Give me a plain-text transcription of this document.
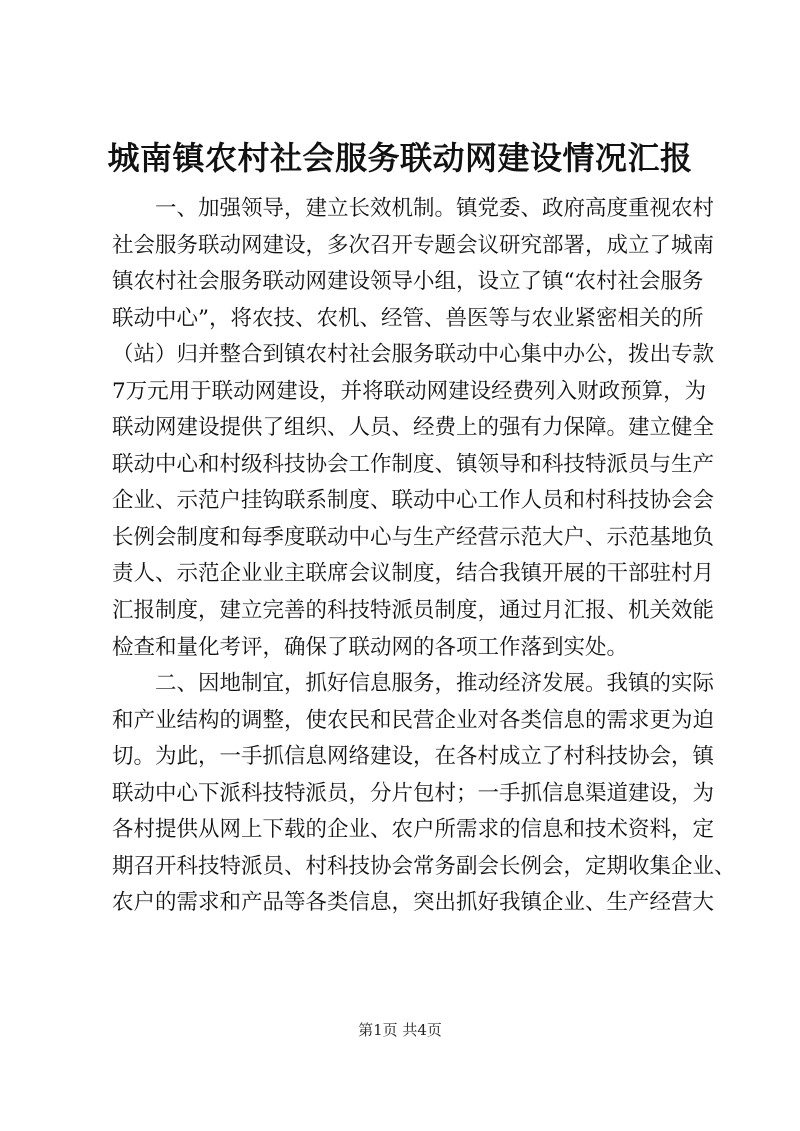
城南镇农村社会服务联动网建设情况汇报
一、加强领导，建立长效机制。镇党委、政府高度重视农村
社会服务联动网建设，多次召开专题会议研究部署，成立了城南
镇农村社会服务联动网建设领导小组，设立了镇“农村社会服务
联动中心”，将农技、农机、经管、兽医等与农业紧密相关的所
（站）归并整合到镇农村社会服务联动中心集中办公，拨出专款
7万元用于联动网建设，并将联动网建设经费列入财政预算，为
联动网建设提供了组织、人员、经费上的强有力保障。建立健全
联动中心和村级科技协会工作制度、镇领导和科技特派员与生产
企业、示范户挂钩联系制度、联动中心工作人员和村科技协会会
长例会制度和每季度联动中心与生产经营示范大户、示范基地负
责人、示范企业业主联席会议制度，结合我镇开展的干部驻村月
汇报制度，建立完善的科技特派员制度，通过月汇报、机关效能
检查和量化考评，确保了联动网的各项工作落到实处。
二、因地制宜，抓好信息服务，推动经济发展。我镇的实际
和产业结构的调整，使农民和民营企业对各类信息的需求更为迫
切。为此，一手抓信息网络建设，在各村成立了村科技协会，镇
联动中心下派科技特派员，分片包村；一手抓信息渠道建设，为
各村提供从网上下载的企业、农户所需求的信息和技术资料，定
期召开科技特派员、村科技协会常务副会长例会，定期收集企业、
农户的需求和产品等各类信息，突出抓好我镇企业、生产经营大
第1页 共4页
